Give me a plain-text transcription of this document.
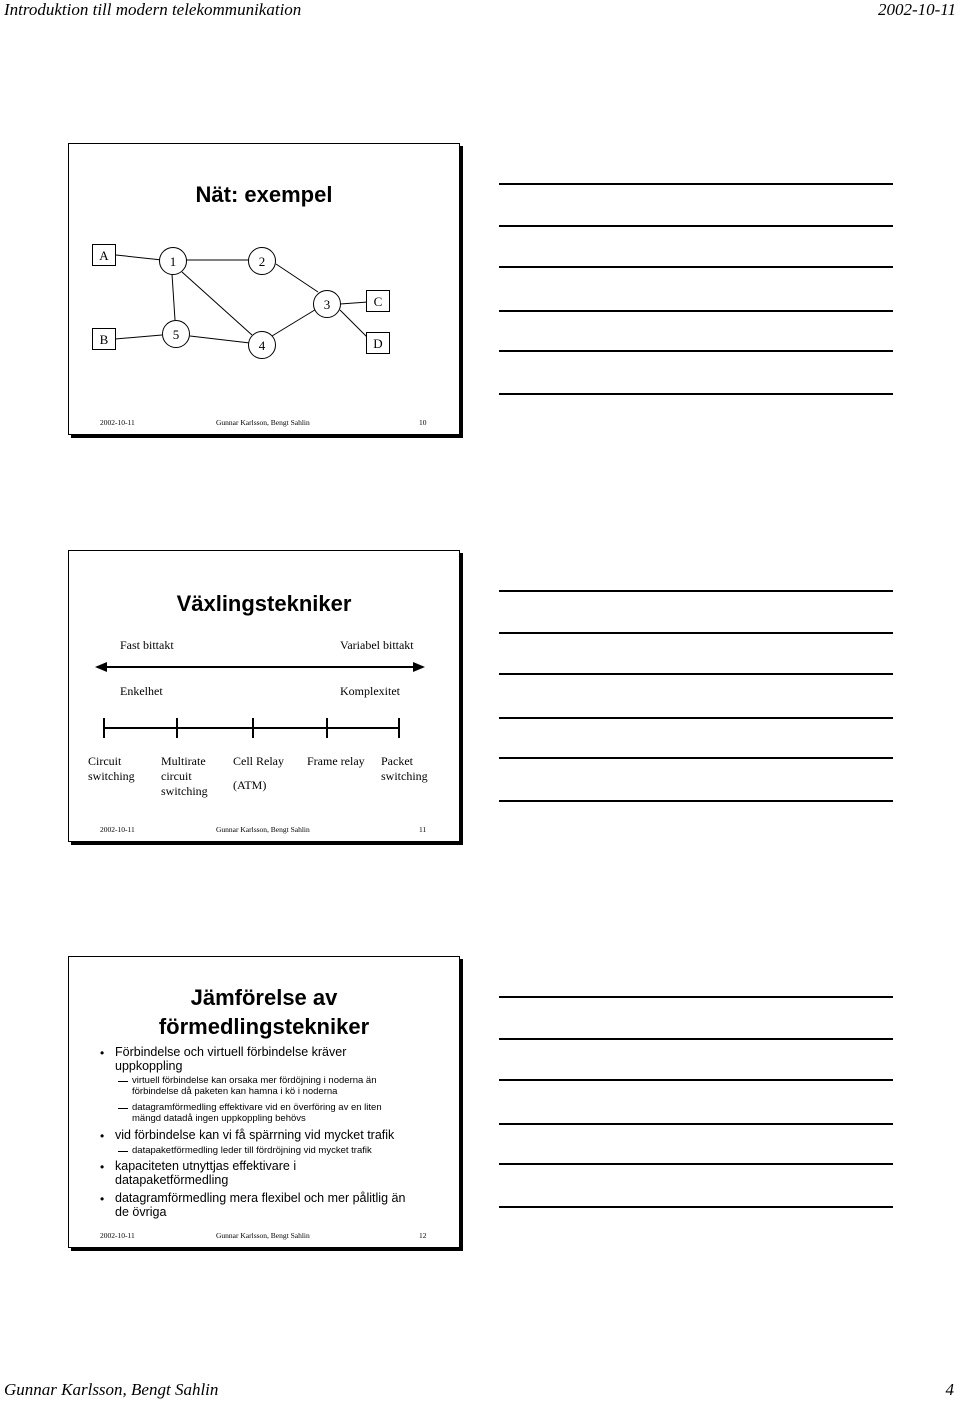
Introduktion till modern telekommunikation	2002-10-11
Nät: exempel
A
B
C
D
1	2
3
4
5
2002-10-11	Gunnar Karlsson, Bengt Sahlin	10
Växlingstekniker
Fast bittakt	Variabel bittakt
Enkelhet	Komplexitet
Circuit
switching
Multirate
circuit
switching
Cell Relay
(ATM)
Frame relay Packet
switching
2002-10-11	Gunnar Karlsson, Bengt Sahlin	11
Jämförelse av
förmedlingstekniker
• Förbindelse och virtuell förbindelse kräver
uppkoppling
virtuell förbindelse kan orsaka mer fördöjning i noderna än
förbindelse då paketen kan hamna i kö i noderna
datagramförmedling effektivare vid en överföring av en liten
mängd datadå ingen uppkoppling behövs
• vid förbindelse kan vi få spärrning vid mycket trafik
datapaketförmedling leder till fördröjning vid mycket trafik
• kapaciteten utnyttjas effektivare i
datapaketförmedling
• datagramförmedling mera flexibel och mer pålitlig än
de övriga
2002-10-11	Gunnar Karlsson, Bengt Sahlin	12
Gunnar Karlsson, Bengt Sahlin	4
